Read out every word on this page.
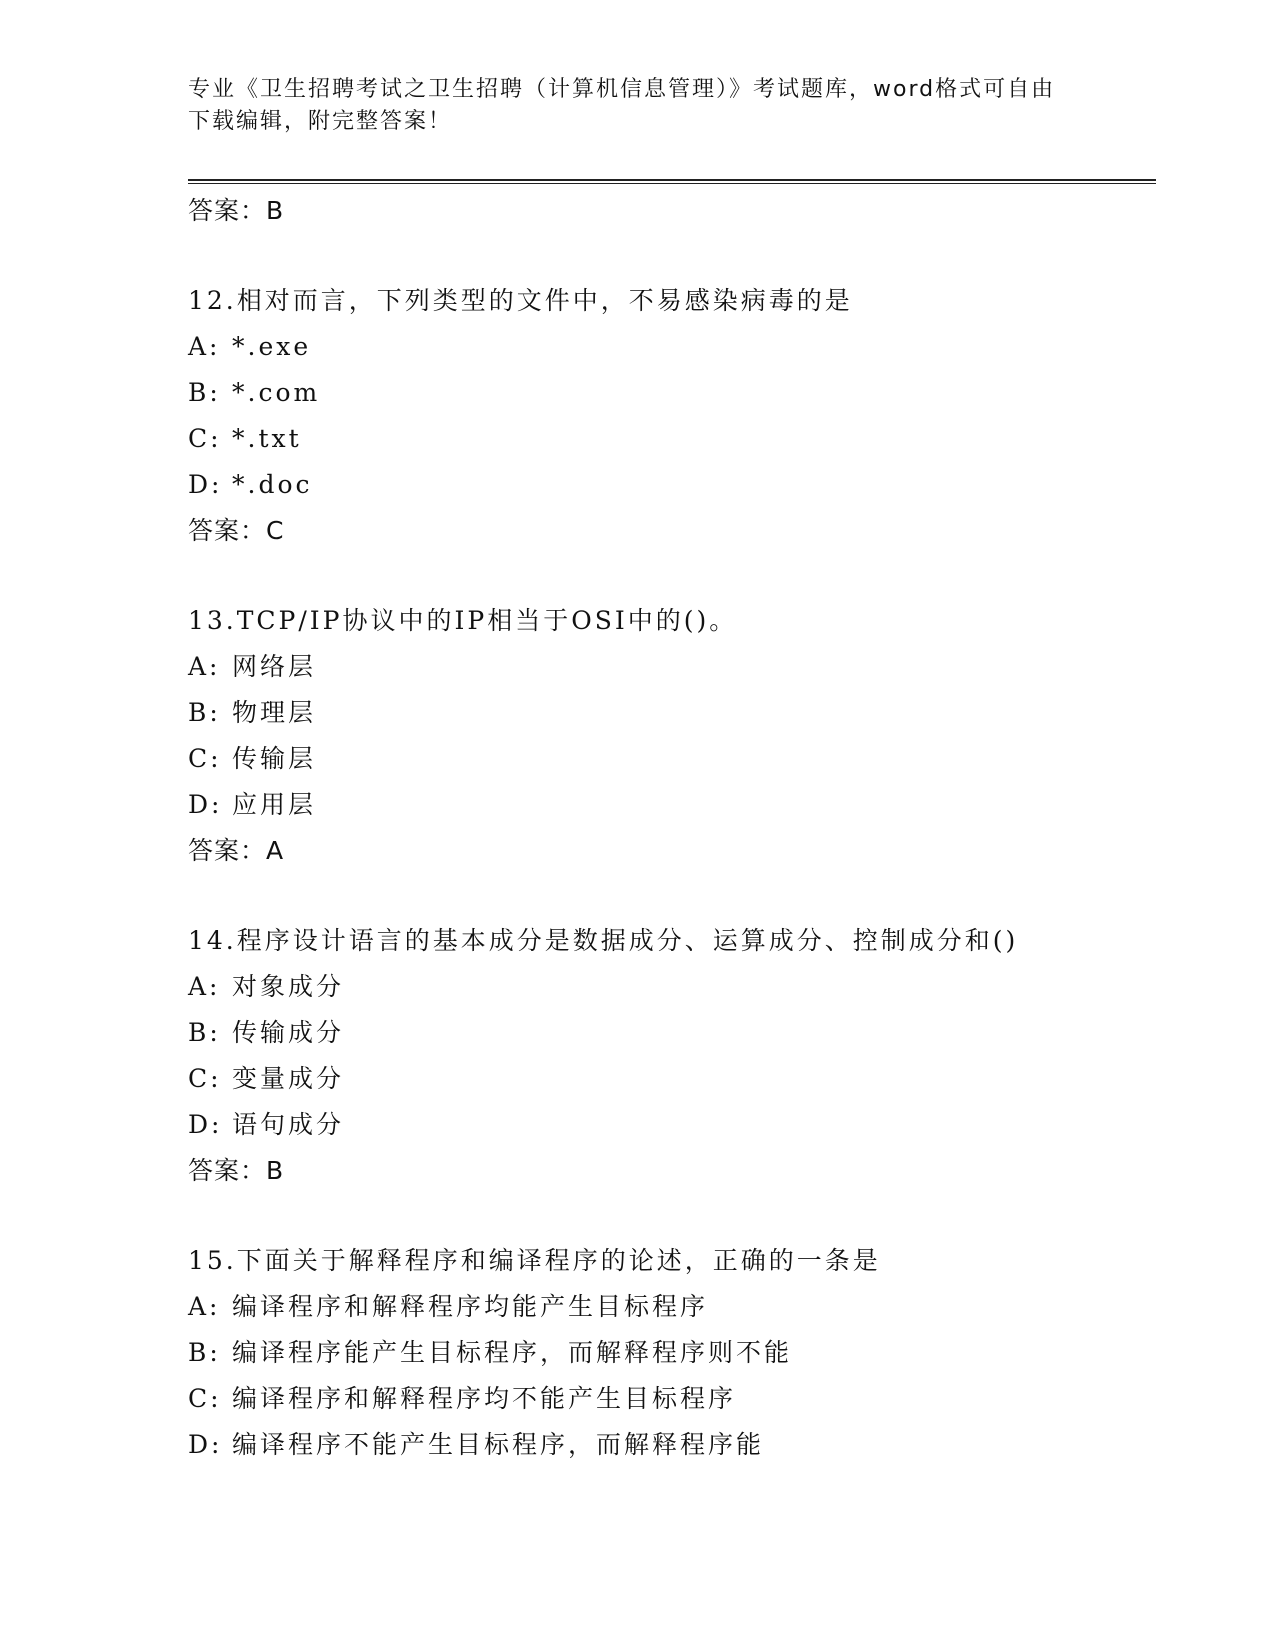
专业《卫生招聘考试之卫生招聘（计算机信息管理）》考试题库，word格式可自由下载编辑，附完整答案！

答案：B

12.相对而言，下列类型的文件中，不易感染病毒的是

A: *.exe

B: *.com

C: *.txt

D: *.doc

答案：C

13.TCP/IP协议中的IP相当于OSI中的()。

A: 网络层

B: 物理层

C: 传输层

D: 应用层

答案：A

14.程序设计语言的基本成分是数据成分、运算成分、控制成分和()

A: 对象成分

B: 传输成分

C: 变量成分

D: 语句成分

答案：B

15.下面关于解释程序和编译程序的论述，正确的一条是

A: 编译程序和解释程序均能产生目标程序

B: 编译程序能产生目标程序，而解释程序则不能

C: 编译程序和解释程序均不能产生目标程序

D: 编译程序不能产生目标程序，而解释程序能
